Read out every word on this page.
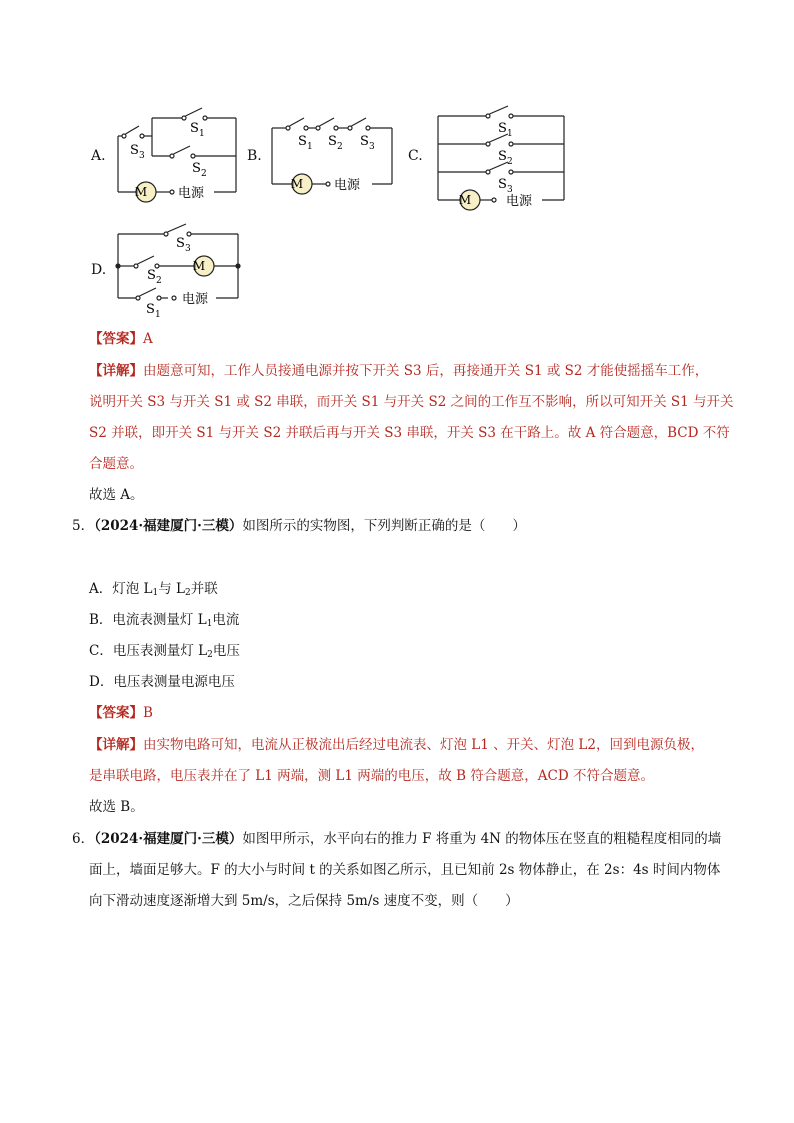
A.
M 电源
S 3
S 1
S 2
B.
M 电源
S 1 S 2 S 3
C.
M	电源
S 1
S 2
S 3
D.	M
电源
S 3
S 2
S 1
【答案】A
【详解】由题意可知，工作人员接通电源并按下开关 S3 后，再接通开关 S1 或 S2 才能使摇摇车工作，
说明开关 S3 与开关 S1 或 S2 串联，而开关 S1 与开关 S2 之间的工作互不影响，所以可知开关 S1 与开关
S2 并联，即开关 S1 与开关 S2 并联后再与开关 S3 串联，开关 S3 在干路上。故 A 符合题意，BCD 不符
合题意。
故选 A。
5．（2024·福建厦门·三模）如图所示的实物图，下列判断正确的是（　　）
A．灯泡 $L_1$与 $L_2$并联
B．电流表测量灯 $L_1$电流
C．电压表测量灯 $L_2$电压
D．电压表测量电源电压
【答案】B
【详解】由实物电路可知，电流从正极流出后经过电流表、灯泡 L1 、开关、灯泡 L2，回到电源负极，
是串联电路，电压表并在了 L1 两端，测 L1 两端的电压，故 B 符合题意，ACD 不符合题意。
故选 B。
6．（2024·福建厦门·三模）如图甲所示，水平向右的推力 F 将重为 4N 的物体压在竖直的粗糙程度相同的墙
面上，墙面足够大。F 的大小与时间 t 的关系如图乙所示，且已知前 2s 物体静止，在 2s：4s 时间内物体
向下滑动速度逐渐增大到 5m/s，之后保持 5m/s 速度不变，则（　　）
